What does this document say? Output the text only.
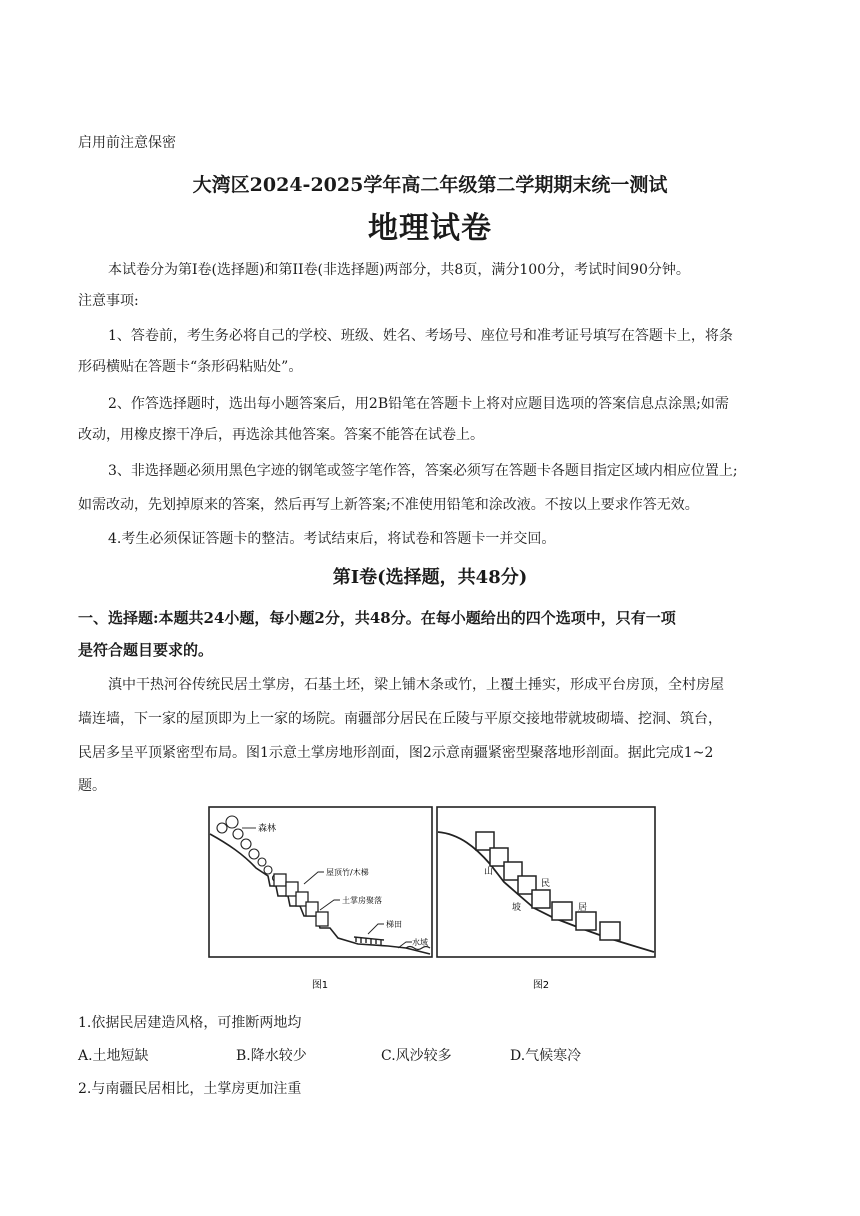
启用前注意保密
大湾区2024-2025学年高二年级第二学期期末统一测试
地理试卷
本试卷分为第Ⅰ卷(选择题)和第II卷(非选择题)两部分，共8页，满分100分，考试时间90分钟。
注意事项:
1、答卷前，考生务必将自己的学校、班级、姓名、考场号、座位号和准考证号填写在答题卡上，将条
形码横贴在答题卡“条形码粘贴处”。
2、作答选择题时，选出每小题答案后，用2B铅笔在答题卡上将对应题目选项的答案信息点涂黑;如需
改动，用橡皮擦干净后，再选涂其他答案。答案不能答在试卷上。
3、非选择题必须用黑色字迹的钢笔或签字笔作答，答案必须写在答题卡各题目指定区域内相应位置上;
如需改动，先划掉原来的答案，然后再写上新答案;不准使用铅笔和涂改液。不按以上要求作答无效。
4.考生必须保证答题卡的整洁。考试结束后，将试卷和答题卡一并交回。
第Ⅰ卷(选择题，共48分)
一、选择题:本题共24小题，每小题2分，共48分。在每小题给出的四个选项中，只有一项
是符合题目要求的。
滇中干热河谷传统民居土掌房，石基土坯，梁上铺木条或竹，上覆土捶实，形成平台房顶，全村房屋
墙连墙，下一家的屋顶即为上一家的场院。南疆部分居民在丘陵与平原交接地带就坡砌墙、挖洞、筑台，
民居多呈平顶紧密型布局。图1示意土掌房地形剖面，图2示意南疆紧密型聚落地形剖面。据此完成1~2
题。
森林
屋顶竹/木梯
土掌房聚落
梯田
水域
图1
山
坡
民
居
图2
1.依据民居建造风格，可推断两地均
A.土地短缺	B.降水较少	C.风沙较多	D.气候寒冷
2.与南疆民居相比，土掌房更加注重
